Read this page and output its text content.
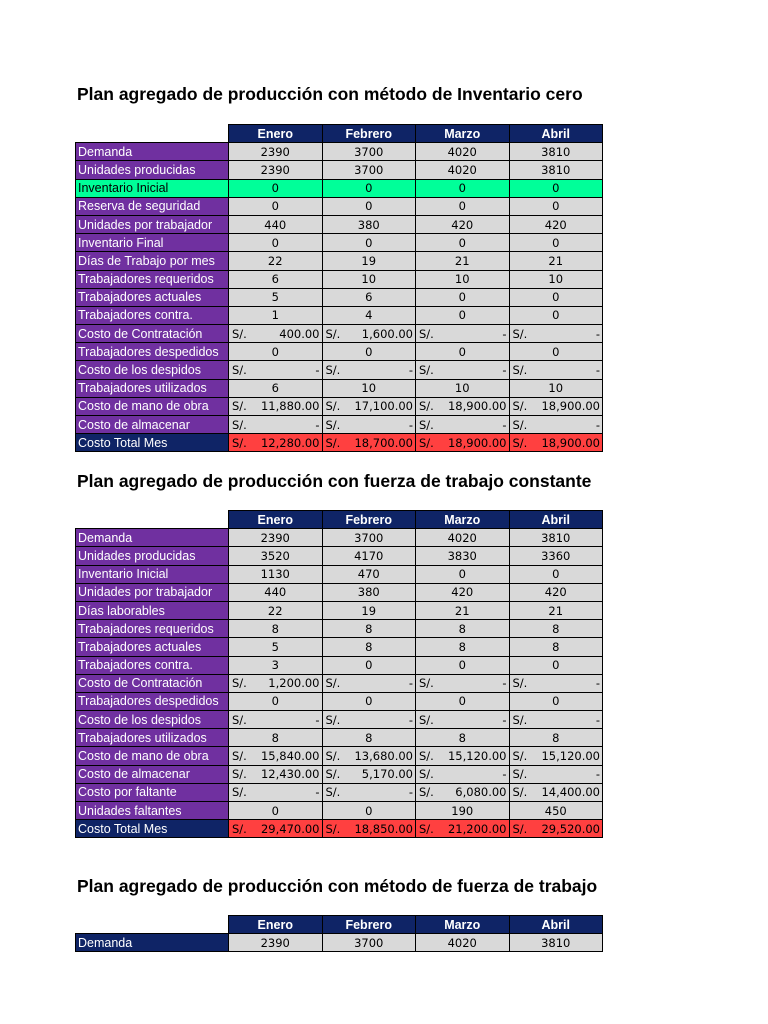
Plan agregado de producción con método de Inventario cero
	Enero	Febrero	Marzo	Abril
Demanda	2390	3700	4020	3810
Unidades producidas	2390	3700	4020	3810
Inventario Inicial	0	0	0	0
Reserva de seguridad	0	0	0	0
Unidades por trabajador	440	380	420	420
Inventario Final	0	0	0	0
Días de Trabajo por mes	22	19	21	21
Trabajadores requeridos	6	10	10	10
Trabajadores actuales	5	6	0	0
Trabajadores contra.	1	4	0	0
Costo de Contratación	S/. 400.00	S/. 1,600.00	S/. -	S/. -

Trabajadores despedidos	0	0	0	0
Costo de los despidos	S/. -	S/. -	S/. -	S/. -

Trabajadores utilizados	6	10	10	10
Costo de mano de obra	S/. 11,880.00	S/. 17,100.00	S/. 18,900.00	S/. 18,900.00

Costo de almacenar	S/. -	S/. -	S/. -	S/. -

Costo Total Mes	S/. 12,280.00	S/. 18,700.00	S/. 18,900.00	S/. 18,900.00
Plan agregado de producción con fuerza de trabajo constante
	Enero	Febrero	Marzo	Abril
Demanda	2390	3700	4020	3810
Unidades producidas	3520	4170	3830	3360
Inventario Inicial	1130	470	0	0
Unidades por trabajador	440	380	420	420
Días laborables	22	19	21	21
Trabajadores requeridos	8	8	8	8
Trabajadores actuales	5	8	8	8
Trabajadores contra.	3	0	0	0
Costo de Contratación	S/. 1,200.00	S/. -	S/. -	S/. -

Trabajadores despedidos	0	0	0	0
Costo de los despidos	S/. -	S/. -	S/. -	S/. -

Trabajadores utilizados	8	8	8	8
Costo de mano de obra	S/. 15,840.00	S/. 13,680.00	S/. 15,120.00	S/. 15,120.00

Costo de almacenar	S/. 12,430.00	S/. 5,170.00	S/. -	S/. -

Costo por faltante	S/. -	S/. -	S/. 6,080.00	S/. 14,400.00

Unidades faltantes	0	0	190	450
Costo Total Mes	S/. 29,470.00	S/. 18,850.00	S/. 21,200.00	S/. 29,520.00
Plan agregado de producción con método de fuerza de trabajo
	Enero	Febrero	Marzo	Abril
Demanda	2390	3700	4020	3810
